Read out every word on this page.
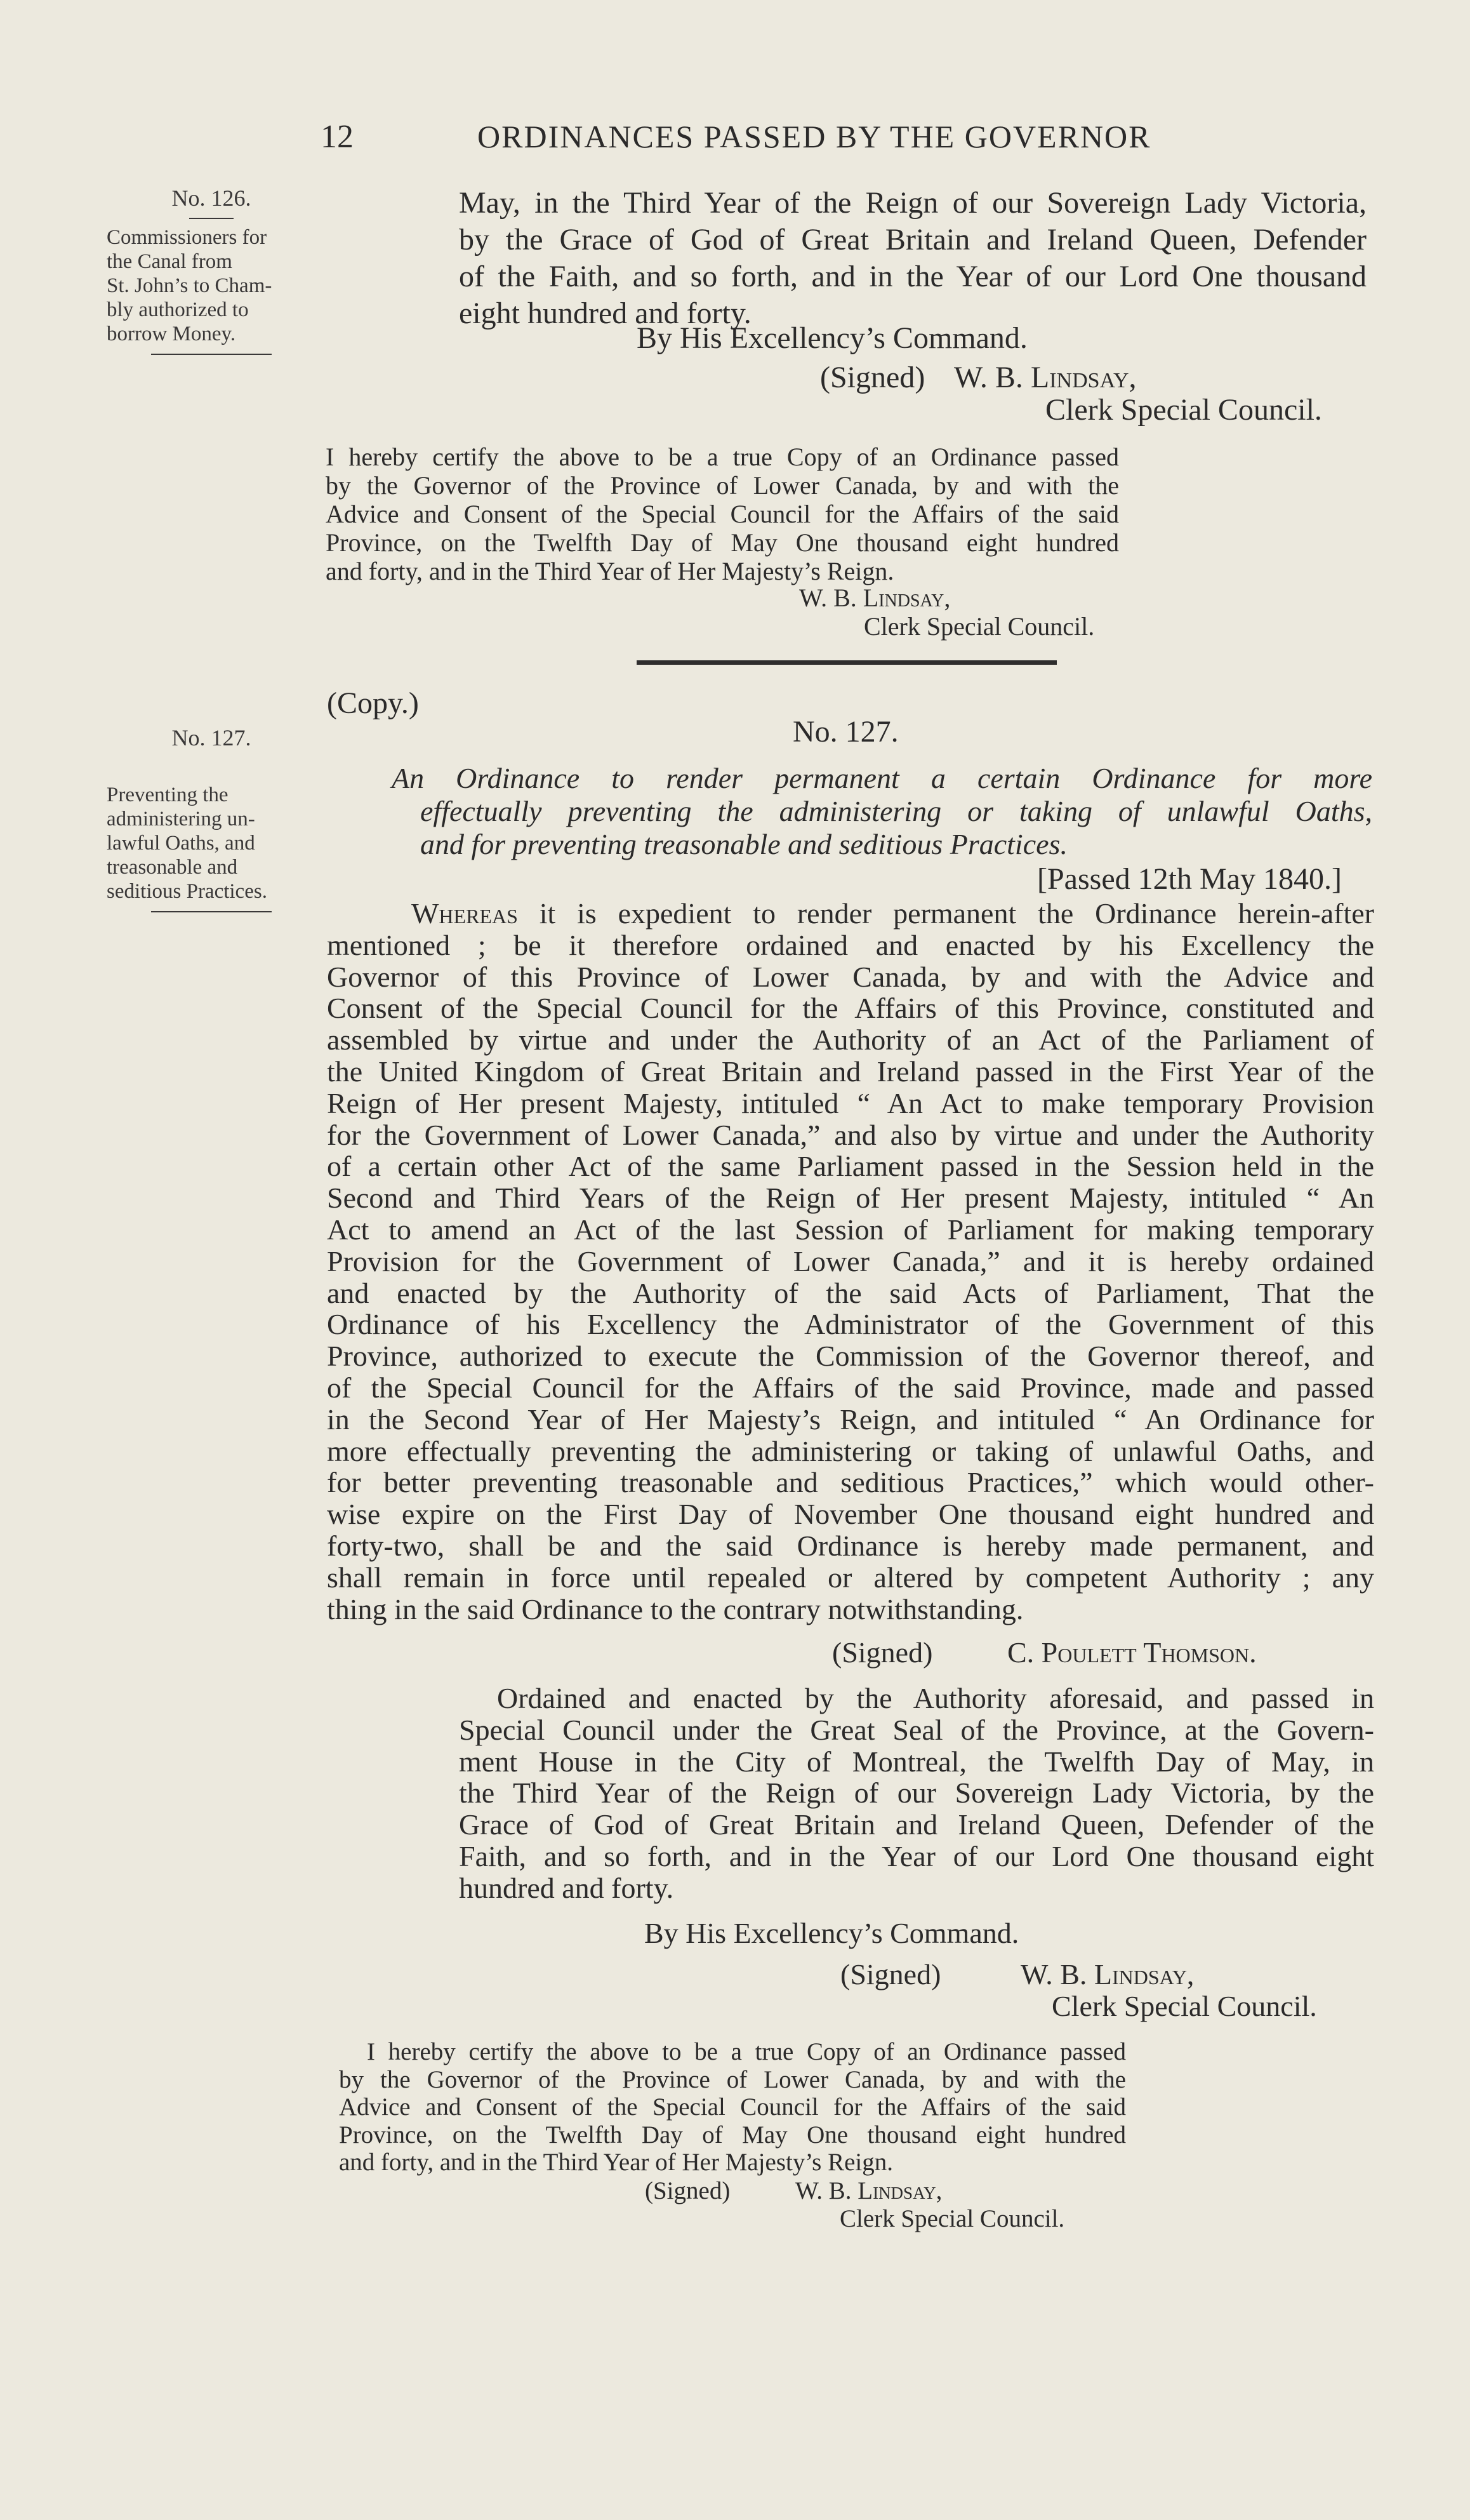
12	ORDINANCES PASSED BY THE GOVERNOR
No. 126.
Commissioners for
the Canal from
St. John’s to Cham-
bly authorized to
borrow Money.
No. 127.
Preventing the
administering un-
lawful Oaths, and
treasonable and
seditious Practices.
May, in the Third Year of the Reign of our Sovereign Lady Victoria,
by the Grace of God of Great Britain and Ireland Queen, Defender
of the Faith, and so forth, and in the Year of our Lord One thousand
eight hundred and forty.
By His Excellency’s Command.
(Signed) W. B. Lindsay,
Clerk Special Council.
I hereby certify the above to be a true Copy of an Ordinance passed
by the Governor of the Province of Lower Canada, by and with the
Advice and Consent of the Special Council for the Affairs of the said
Province, on the Twelfth Day of May One thousand eight hundred
and forty, and in the Third Year of Her Majesty’s Reign.
W. B. Lindsay,
Clerk Special Council.
(Copy.)
No. 127.
An Ordinance to render permanent a certain Ordinance for more
effectually preventing the administering or taking of unlawful Oaths,
and for preventing treasonable and seditious Practices.
[Passed 12th May 1840.]
Whereas it is expedient to render permanent the Ordinance herein-after
mentioned ; be it therefore ordained and enacted by his Excellency the
Governor of this Province of Lower Canada, by and with the Advice and
Consent of the Special Council for the Affairs of this Province, constituted and
assembled by virtue and under the Authority of an Act of the Parliament of
the United Kingdom of Great Britain and Ireland passed in the First Year of the
Reign of Her present Majesty, intituled “ An Act to make temporary Provision
for the Government of Lower Canada,” and also by virtue and under the Authority
of a certain other Act of the same Parliament passed in the Session held in the
Second and Third Years of the Reign of Her present Majesty, intituled “ An
Act to amend an Act of the last Session of Parliament for making temporary
Provision for the Government of Lower Canada,” and it is hereby ordained
and enacted by the Authority of the said Acts of Parliament, That the
Ordinance of his Excellency the Administrator of the Government of this
Province, authorized to execute the Commission of the Governor thereof, and
of the Special Council for the Affairs of the said Province, made and passed
in the Second Year of Her Majesty’s Reign, and intituled “ An Ordinance for
more effectually preventing the administering or taking of unlawful Oaths, and
for better preventing treasonable and seditious Practices,” which would other-
wise expire on the First Day of November One thousand eight hundred and
forty-two, shall be and the said Ordinance is hereby made permanent, and
shall remain in force until repealed or altered by competent Authority ; any
thing in the said Ordinance to the contrary notwithstanding.
(Signed)	C. Poulett Thomson.
Ordained and enacted by the Authority aforesaid, and passed in
Special Council under the Great Seal of the Province, at the Govern-
ment House in the City of Montreal, the Twelfth Day of May, in
the Third Year of the Reign of our Sovereign Lady Victoria, by the
Grace of God of Great Britain and Ireland Queen, Defender of the
Faith, and so forth, and in the Year of our Lord One thousand eight
hundred and forty.
By His Excellency’s Command.
(Signed)	W. B. Lindsay,
Clerk Special Council.
I hereby certify the above to be a true Copy of an Ordinance passed
by the Governor of the Province of Lower Canada, by and with the
Advice and Consent of the Special Council for the Affairs of the said
Province, on the Twelfth Day of May One thousand eight hundred
and forty, and in the Third Year of Her Majesty’s Reign.
(Signed)	W. B. Lindsay,
Clerk Special Council.
